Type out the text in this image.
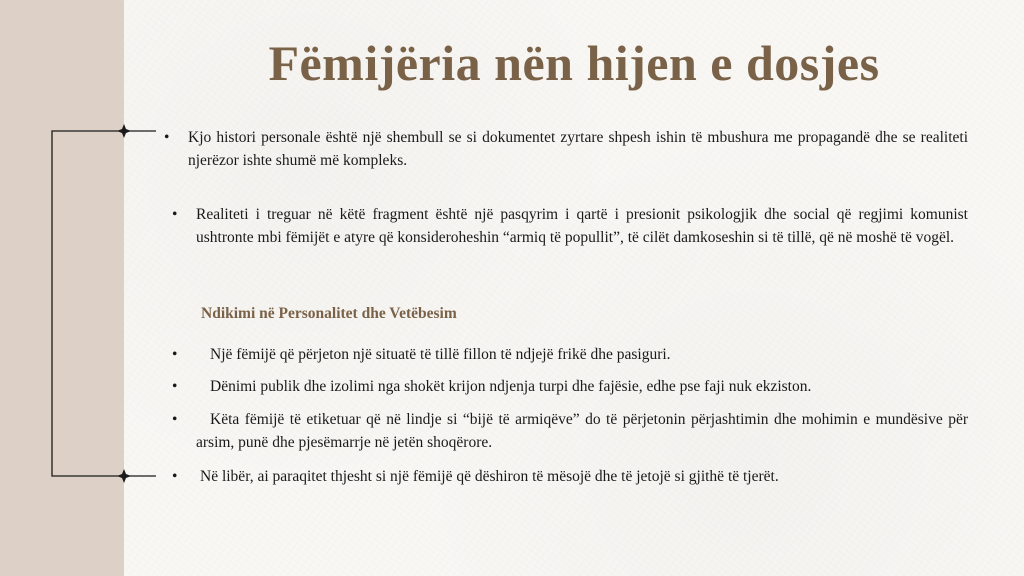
Fëmijëria nën hijen e dosjes
• Kjo histori personale është një shembull se si dokumentet zyrtare shpesh ishin të mbushura me propagandë dhe se realiteti njerëzor ishte shumë më kompleks.
• Realiteti i treguar në këtë fragment është një pasqyrim i qartë i presionit psikologjik dhe social që regjimi komunist ushtronte mbi fëmijët e atyre që konsideroheshin “armiq të popullit”, të cilët damkoseshin si të tillë, që në moshë të vogël.
Ndikimi në Personalitet dhe Vetëbesim
•	Një fëmijë që përjeton një situatë të tillë fillon të ndjejë frikë dhe pasiguri.
•	Dënimi publik dhe izolimi nga shokët krijon ndjenja turpi dhe fajësie, edhe pse faji nuk ekziston.
•	Këta fëmijë të etiketuar që në lindje si “bijë të armiqëve” do të përjetonin përjashtimin dhe mohimin e mundësive për arsim, punë dhe pjesëmarrje në jetën shoqërore.
• Në libër, ai paraqitet thjesht si një fëmijë që dëshiron të mësojë dhe të jetojë si gjithë të tjerët.
